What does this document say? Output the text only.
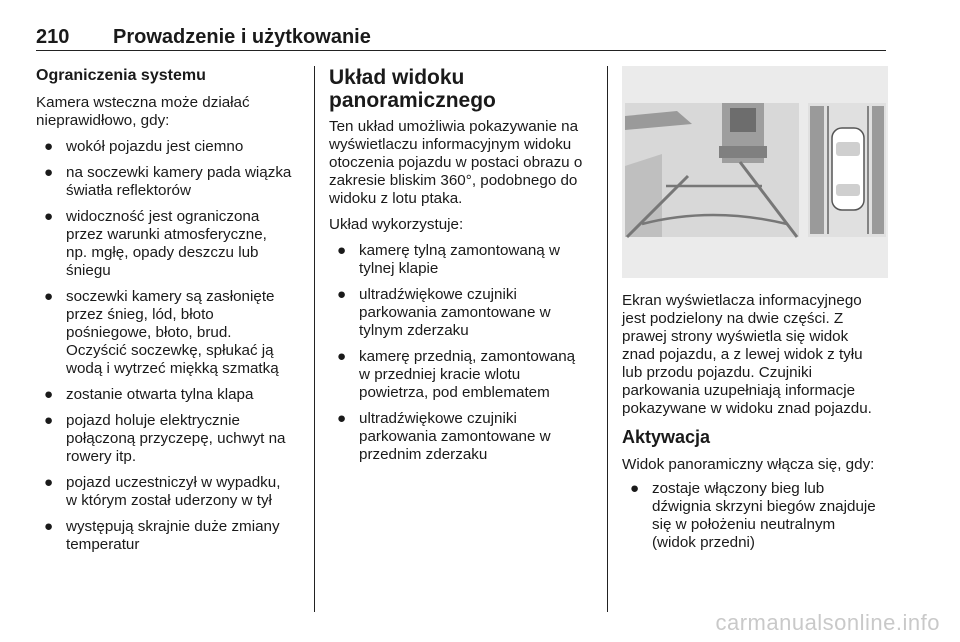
210 Prowadzenie i użytkowanie
Ograniczenia systemu

Kamera wsteczna może działać
nieprawidłowo, gdy:

● wokół pojazdu jest ciemno
● na soczewki kamery pada wiązka
światła reflektorów
● widoczność jest ograniczona
przez warunki atmosferyczne,
np. mgłę, opady deszczu lub
śniegu
● soczewki kamery są zasłonięte
przez śnieg, lód, błoto
pośniegowe, błoto, brud.
Oczyścić soczewkę, spłukać ją
wodą i wytrzeć miękką szmatką
● zostanie otwarta tylna klapa
● pojazd holuje elektrycznie
połączoną przyczepę, uchwyt na
rowery itp.
● pojazd uczestniczył w wypadku,
w którym został uderzony w tył
● występują skrajnie duże zmiany
temperatur
Układ widoku
panoramicznego

Ten układ umożliwia pokazywanie na
wyświetlaczu informacyjnym widoku
otoczenia pojazdu w postaci obrazu o
zakresie bliskim 360°, podobnego do
widoku z lotu ptaka.

Układ wykorzystuje:

● kamerę tylną zamontowaną w
tylnej klapie
● ultradźwiękowe czujniki
parkowania zamontowane w
tylnym zderzaku
● kamerę przednią, zamontowaną
w przedniej kracie wlotu
powietrza, pod emblematem
● ultradźwiękowe czujniki
parkowania zamontowane w
przednim zderzaku

Ekran wyświetlacza informacyjnego
jest podzielony na dwie części. Z
prawej strony wyświetla się widok
znad pojazdu, a z lewej widok z tyłu
lub przodu pojazdu. Czujniki
parkowania uzupełniają informacje
pokazywane w widoku znad pojazdu.

Aktywacja

Widok panoramiczny włącza się, gdy:

● zostaje włączony bieg lub
dźwignia skrzyni biegów znajduje
się w położeniu neutralnym
(widok przedni)
carmanualsonline.info
